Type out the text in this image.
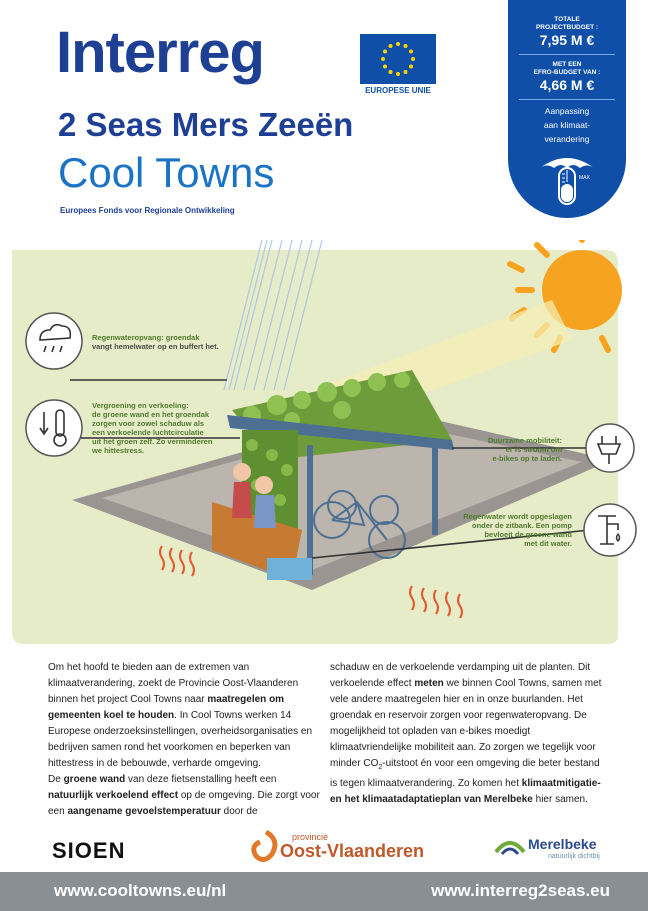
Interreg
EUROPESE UNIE
2 Seas Mers Zeeën
Cool Towns
Europees Fonds voor Regionale Ontwikkeling
TOTALE
PROJECTBUDGET :
7,95 M €
MET EEN
EFRO-BUDGET VAN :
4,66 M €
Aanpassing
aan klimaat-
verandering
MAX
Regenwateropvang: groendak
vangt hemelwater op en buffert het.
Vergroening en verkoeling:
de groene wand en het groendak
zorgen voor zowel schaduw als
een verkoelende luchtcirculatie
uit het groen zelf. Zo verminderen
we hittestress.
Duurzame mobiliteit:
er is stroom om
e-bikes op te laden.
Regenwater wordt opgeslagen
onder de zitbank. Een pomp
bevloeit de groene wand
met dit water.

Om het hoofd te bieden aan de extremen van klimaatverandering, zoekt de Provincie Oost-Vlaanderen binnen het project Cool Towns naar maatregelen om gemeenten koel te houden. In Cool Towns werken 14 Europese onderzoeksinstellingen, overheidsorganisaties en bedrijven samen rond het voorkomen en beperken van hittestress in de bebouwde, verharde omgeving.

De groene wand van deze fietsenstalling heeft een natuurlijk verkoelend effect op de omgeving. Die zorgt voor een aangename gevoelstemperatuur door de

schaduw en de verkoelende verdamping uit de planten. Dit verkoelende effect meten we binnen Cool Towns, samen met vele andere maatregelen hier en in onze buurlanden. Het groendak en reservoir zorgen voor regenwateropvang. De mogelijkheid tot opladen van e-bikes moedigt klimaatvriendelijke mobiliteit aan. Zo zorgen we tegelijk voor minder $CO_2$-uitstoot én voor een omgeving die beter bestand is tegen klimaatverandering. Zo komen het klimaatmitigatie- en het klimaatadaptatieplan van Merelbeke hier samen.

SIOEN
provincie
Oost-Vlaanderen	Merelbeke
natuurlijk dichtbij
www.cooltowns.eu/nl	www.interreg2seas.eu
